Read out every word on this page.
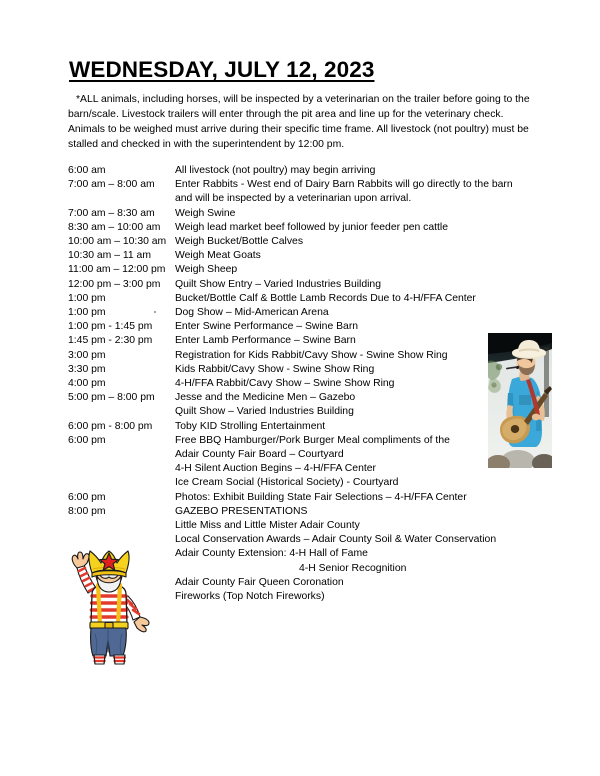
WEDNESDAY, JULY 12, 2023
*ALL animals, including horses, will be inspected by a veterinarian on the trailer before going to the barn/scale. Livestock trailers will enter through the pit area and line up for the veterinary check. Animals to be weighed must arrive during their specific time frame. All livestock (not poultry) must be stalled and checked in with the superintendent by 12:00 pm.
6:00 am	All livestock (not poultry) may begin arriving
7:00 am – 8:00 am	Enter Rabbits - West end of Dairy Barn Rabbits will go directly to the barn
and will be inspected by a veterinarian upon arrival.
7:00 am – 8:30 am	Weigh Swine
8:30 am – 10:00 am	Weigh lead market beef followed by junior feeder pen cattle
10:00 am – 10:30 am Weigh Bucket/Bottle Calves
10:30 am – 11 am	Weigh Meat Goats
11:00 am – 12:00 pm Weigh Sheep
12:00 pm – 3:00 pm	Quilt Show Entry – Varied Industries Building
1:00 pm	Bucket/Bottle Calf & Bottle Lamb Records Due to 4-H/FFA Center
1:00 pm	Dog Show – Mid-American Arena
1:00 pm - 1:45 pm	Enter Swine Performance – Swine Barn
1:45 pm - 2:30 pm	Enter Lamb Performance – Swine Barn
3:00 pm	Registration for Kids Rabbit/Cavy Show - Swine Show Ring
3:30 pm	Kids Rabbit/Cavy Show - Swine Show Ring
4:00 pm	4-H/FFA Rabbit/Cavy Show – Swine Show Ring
5:00 pm – 8:00 pm	Jesse and the Medicine Men – Gazebo
Quilt Show – Varied Industries Building
6:00 pm - 8:00 pm	Toby KID Strolling Entertainment
6:00 pm	Free BBQ Hamburger/Pork Burger Meal compliments of the
Adair County Fair Board – Courtyard
4-H Silent Auction Begins – 4-H/FFA Center
Ice Cream Social (Historical Society) - Courtyard
6:00 pm	Photos: Exhibit Building State Fair Selections – 4-H/FFA Center
8:00 pm	GAZEBO PRESENTATIONS
Little Miss and Little Mister Adair County
Local Conservation Awards – Adair County Soil & Water Conservation
Adair County Extension: 4-H Hall of Fame
4-H Senior Recognition
Adair County Fair Queen Coronation
Fireworks (Top Notch Fireworks)
